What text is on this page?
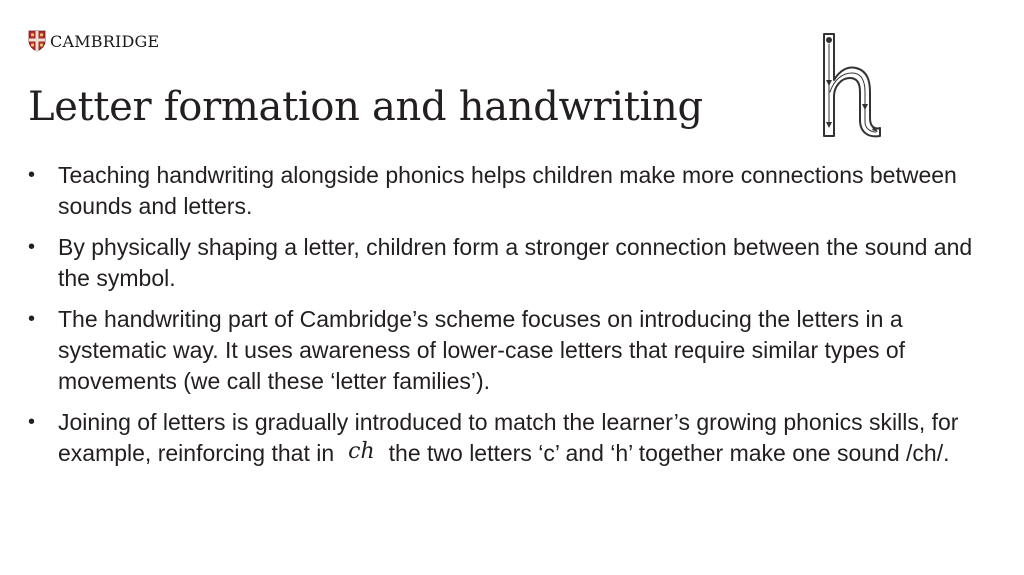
CAMBRIDGE
Letter formation and handwriting
• Teaching handwriting alongside phonics helps children make more connections between sounds and letters.
• By physically shaping a letter, children form a stronger connection between the sound and the symbol.
• The handwriting part of Cambridge’s scheme focuses on introducing the letters in a systematic way. It uses awareness of lower-case letters that require similar types of movements (we call these ‘letter families’).
• Joining of letters is gradually introduced to match the learner’s growing phonics skills, for example, reinforcing that in ch the two letters ‘c’ and ‘h’ together make one sound /ch/.
